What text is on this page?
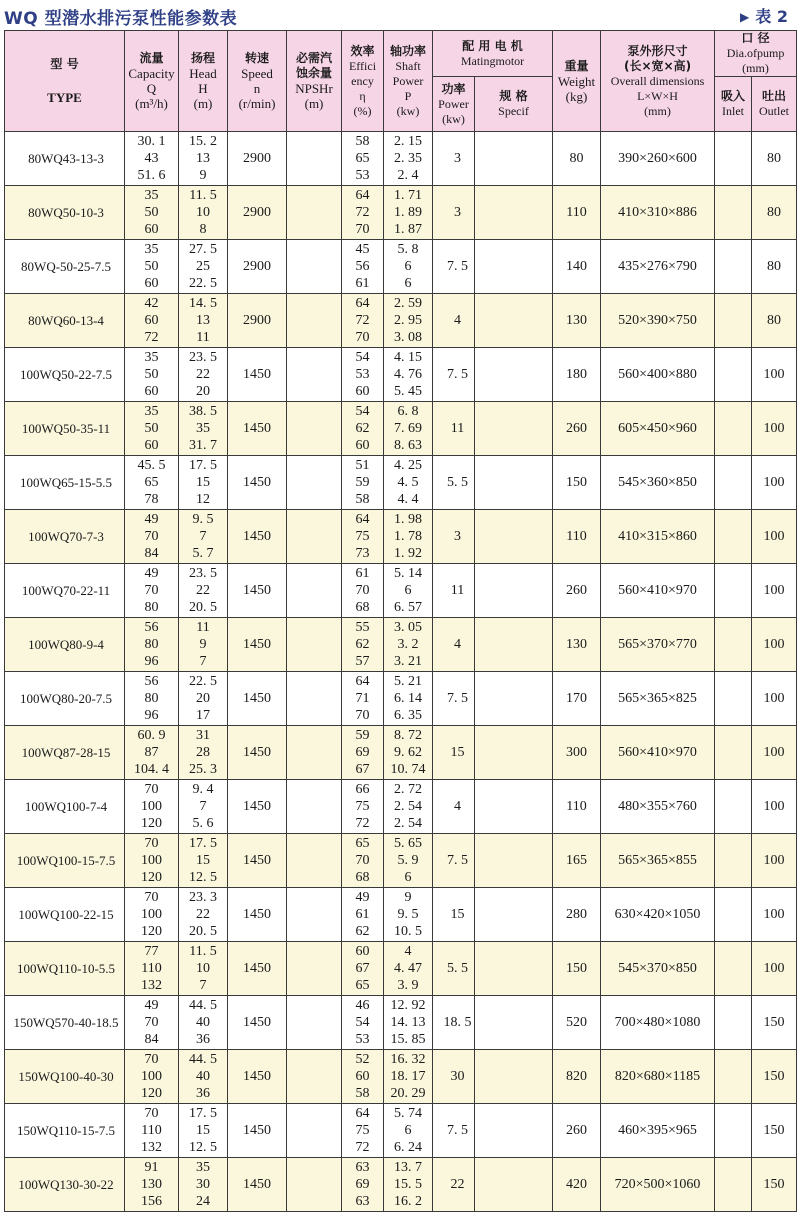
WQ 型潜水排污泵性能参数表	▶ 表 2
型 号
TYPE	流量
Capacity
Q
(m³/h)	扬程
Head
H
(m)	转速
Speed
n
(r/min)	必需汽
蚀余量
NPSHr
(m)	效率
Effici
ency
η
(%)	轴功率
Shaft
Power
P
(kw)	配 用 电 机
Matingmotor		重量
Weight
(kg)	泵外形尺寸
(长×宽×高)
Overall dimensions
L×W×H
(mm)	口 径
Dia.ofpump
(mm)	

							功率
Power
(kw)	规 格
Specif			吸入
Inlet	吐出
Outlet

80WQ43-13-3	30. 1
43
51. 6	15. 2
13
9	2900		58
65
53	2. 15
2. 35
2. 4	3		80	390×260×600		80
80WQ50-10-3	35
50
60	11. 5
10
8	2900		64
72
70	1. 71
1. 89
1. 87	3		110	410×310×886		80
80WQ-50-25-7.5	35
50
60	27. 5
25
22. 5	2900		45
56
61	5. 8
6
6	7. 5		140	435×276×790		80
80WQ60-13-4	42
60
72	14. 5
13
11	2900		64
72
70	2. 59
2. 95
3. 08	4		130	520×390×750		80
100WQ50-22-7.5	35
50
60	23. 5
22
20	1450		54
53
60	4. 15
4. 76
5. 45	7. 5		180	560×400×880		100
100WQ50-35-11	35
50
60	38. 5
35
31. 7	1450		54
62
60	6. 8
7. 69
8. 63	11		260	605×450×960		100
100WQ65-15-5.5	45. 5
65
78	17. 5
15
12	1450		51
59
58	4. 25
4. 5
4. 4	5. 5		150	545×360×850		100
100WQ70-7-3	49
70
84	9. 5
7
5. 7	1450		64
75
73	1. 98
1. 78
1. 92	3		110	410×315×860		100
100WQ70-22-11	49
70
80	23. 5
22
20. 5	1450		61
70
68	5. 14
6
6. 57	11		260	560×410×970		100
100WQ80-9-4	56
80
96	11
9
7	1450		55
62
57	3. 05
3. 2
3. 21	4		130	565×370×770		100
100WQ80-20-7.5	56
80
96	22. 5
20
17	1450		64
71
70	5. 21
6. 14
6. 35	7. 5		170	565×365×825		100
100WQ87-28-15	60. 9
87
104. 4	31
28
25. 3	1450		59
69
67	8. 72
9. 62
10. 74	15		300	560×410×970		100
100WQ100-7-4	70
100
120	9. 4
7
5. 6	1450		66
75
72	2. 72
2. 54
2. 54	4		110	480×355×760		100
100WQ100-15-7.5	70
100
120	17. 5
15
12. 5	1450		65
70
68	5. 65
5. 9
6	7. 5		165	565×365×855		100
100WQ100-22-15	70
100
120	23. 3
22
20. 5	1450		49
61
62	9
9. 5
10. 5	15		280	630×420×1050		100
100WQ110-10-5.5	77
110
132	11. 5
10
7	1450		60
67
65	4
4. 47
3. 9	5. 5		150	545×370×850		100
150WQ570-40-18.5	49
70
84	44. 5
40
36	1450		46
54
53	12. 92
14. 13
15. 85	18. 5		520	700×480×1080		150
150WQ100-40-30	70
100
120	44. 5
40
36	1450		52
60
58	16. 32
18. 17
20. 29	30		820	820×680×1185		150
150WQ110-15-7.5	70
110
132	17. 5
15
12. 5	1450		64
75
72	5. 74
6
6. 24	7. 5		260	460×395×965		150
100WQ130-30-22	91
130
156	35
30
24	1450		63
69
63	13. 7
15. 5
16. 2	22		420	720×500×1060		150
